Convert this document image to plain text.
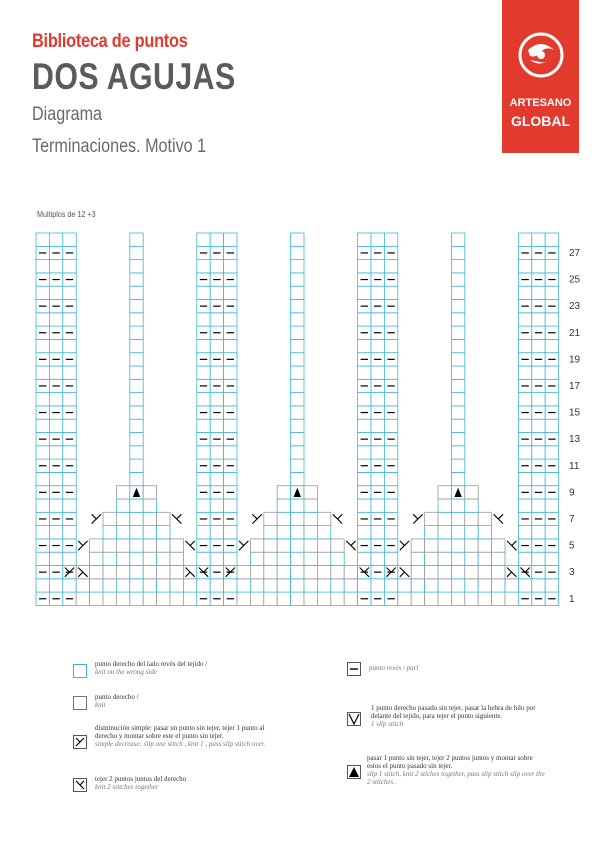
Biblioteca de puntos
DOS AGUJAS
Diagrama
Terminaciones. Motivo 1
ARTESANO
GLOBAL
Multiplos de 12 +3
27
25
23
21
19
17
15
13
11
9
7
5
3
1
punto derecho del lado revés del tejido /
knit on the wrong side
punto derecho /
knit
disminución simple: pasar un punto sin tejer, tejer 1 punto al derecho y montar sobre este el punto sin tejer.
simple decrease: slip one stitch , knit 1 , pass slip stitch over.
tejer 2 puntos juntos del derecho
knit 2 stitches together
punto revés / purl
1 punto derecho pasado sin tejer, pasar la hebra de hilo por delante del tejido, para tejer el punto siguiente.
1 slip stitch
pasar 1 punto sin tejer, tejer 2 puntos juntos y montar sobre estos el punto pasado sin tejer.
slip 1 stitch, knit 2 stiches together, pass slip stitch slip over the 2 stitches .
